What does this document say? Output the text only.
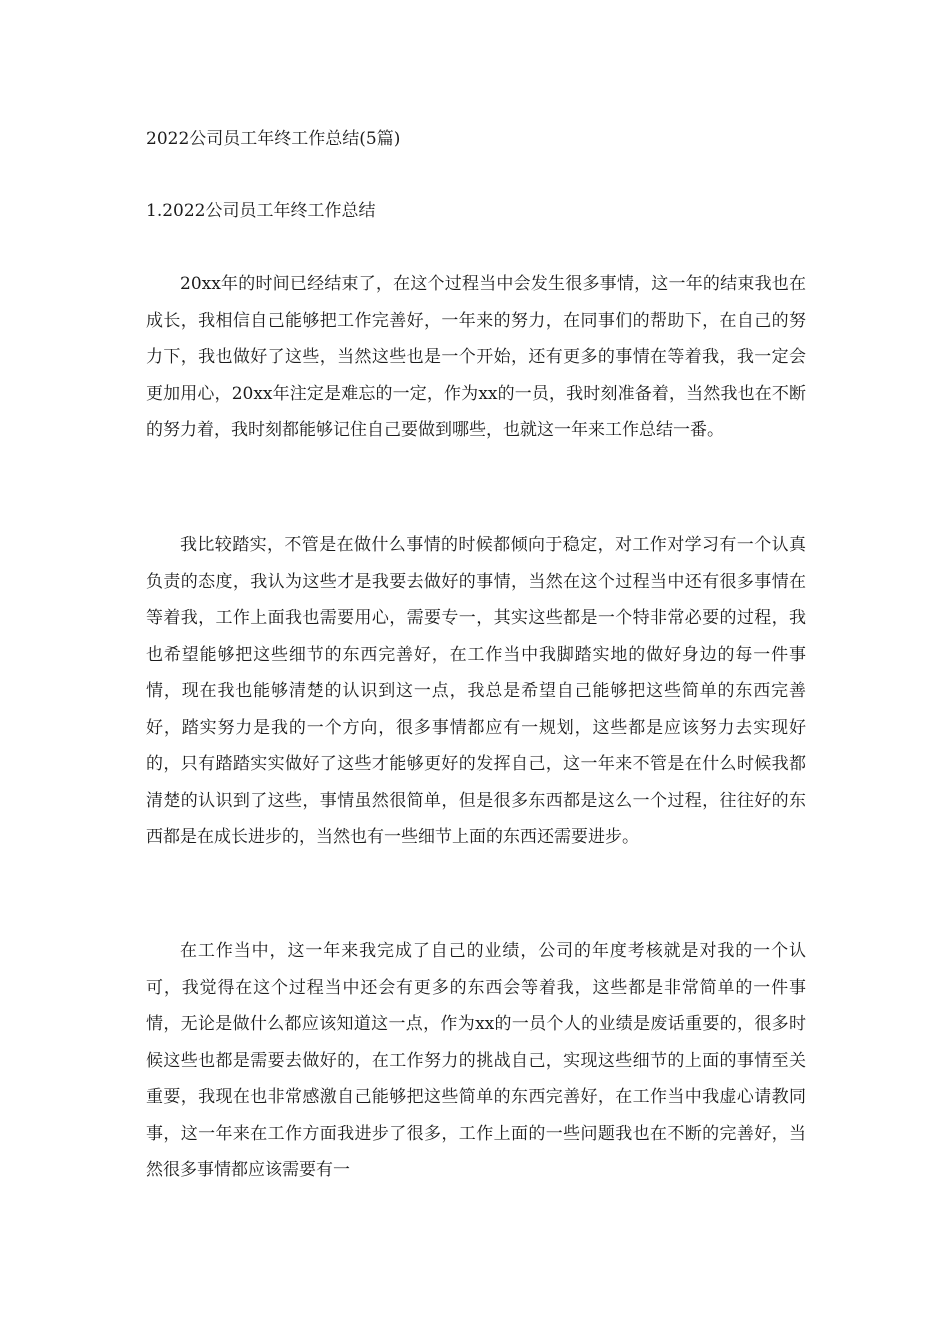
2022公司员工年终工作总结(5篇)
1.2022公司员工年终工作总结

20xx年的时间已经结束了，在这个过程当中会发生很多事情，这一年的结束我也在成长，我相信自己能够把工作完善好，一年来的努力，在同事们的帮助下，在自己的努力下，我也做好了这些，当然这些也是一个开始，还有更多的事情在等着我，我一定会更加用心，20xx年注定是难忘的一定，作为xx的一员，我时刻准备着，当然我也在不断的努力着，我时刻都能够记住自己要做到哪些，也就这一年来工作总结一番。

我比较踏实，不管是在做什么事情的时候都倾向于稳定，对工作对学习有一个认真负责的态度，我认为这些才是我要去做好的事情，当然在这个过程当中还有很多事情在等着我，工作上面我也需要用心，需要专一，其实这些都是一个特非常必要的过程，我也希望能够把这些细节的东西完善好，在工作当中我脚踏实地的做好身边的每一件事情，现在我也能够清楚的认识到这一点，我总是希望自己能够把这些简单的东西完善好，踏实努力是我的一个方向，很多事情都应有一规划，这些都是应该努力去实现好的，只有踏踏实实做好了这些才能够更好的发挥自己，这一年来不管是在什么时候我都清楚的认识到了这些，事情虽然很简单，但是很多东西都是这么一个过程，往往好的东西都是在成长进步的，当然也有一些细节上面的东西还需要进步。

在工作当中，这一年来我完成了自己的业绩，公司的年度考核就是对我的一个认可，我觉得在这个过程当中还会有更多的东西会等着我，这些都是非常简单的一件事情，无论是做什么都应该知道这一点，作为xx的一员个人的业绩是废话重要的，很多时候这些也都是需要去做好的，在工作努力的挑战自己，实现这些细节的上面的事情至关重要，我现在也非常感激自己能够把这些简单的东西完善好，在工作当中我虚心请教同事，这一年来在工作方面我进步了很多，工作上面的一些问题我也在不断的完善好，当然很多事情都应该需要有一
